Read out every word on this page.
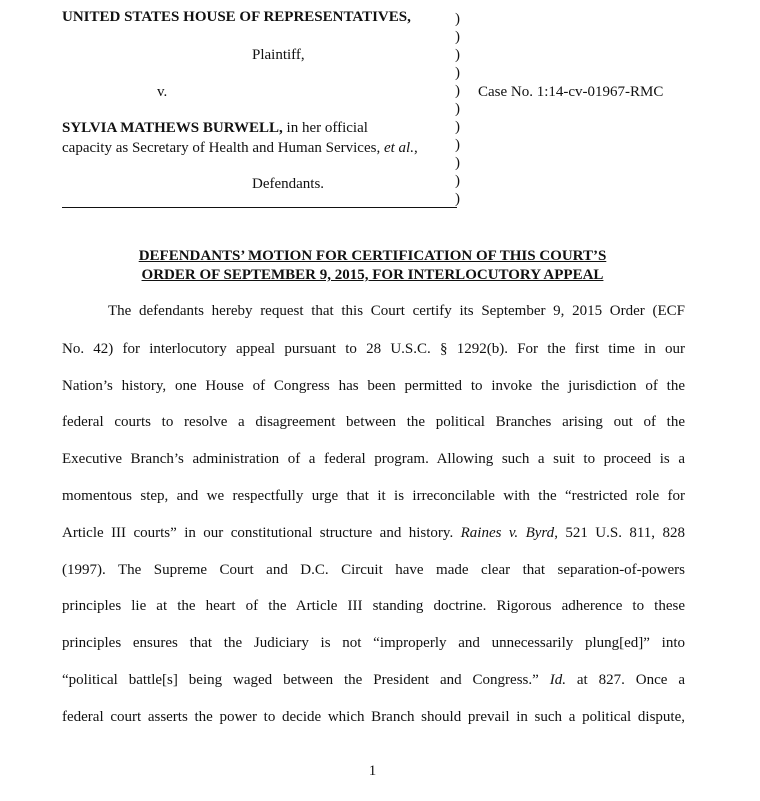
UNITED STATES HOUSE OF REPRESENTATIVES,
Plaintiff,
v.
SYLVIA MATHEWS BURWELL, in her official
capacity as Secretary of Health and Human Services, et al.,
Defendants.
Case No. 1:14-cv-01967-RMC
)
)
)
)
)
)
)
)
)
)
)
DEFENDANTS’ MOTION FOR CERTIFICATION OF THIS COURT’S
ORDER OF SEPTEMBER 9, 2015, FOR INTERLOCUTORY APPEAL
The defendants hereby request that this Court certify its September 9, 2015 Order (ECF
No. 42) for interlocutory appeal pursuant to 28 U.S.C. § 1292(b). For the first time in our
Nation’s history, one House of Congress has been permitted to invoke the jurisdiction of the
federal courts to resolve a disagreement between the political Branches arising out of the
Executive Branch’s administration of a federal program. Allowing such a suit to proceed is a
momentous step, and we respectfully urge that it is irreconcilable with the “restricted role for
Article III courts” in our constitutional structure and history. Raines v. Byrd, 521 U.S. 811, 828
(1997). The Supreme Court and D.C. Circuit have made clear that separation-of-powers
principles lie at the heart of the Article III standing doctrine. Rigorous adherence to these
principles ensures that the Judiciary is not “improperly and unnecessarily plung[ed]” into
“political battle[s] being waged between the President and Congress.” Id. at 827. Once a
federal court asserts the power to decide which Branch should prevail in such a political dispute,
1
